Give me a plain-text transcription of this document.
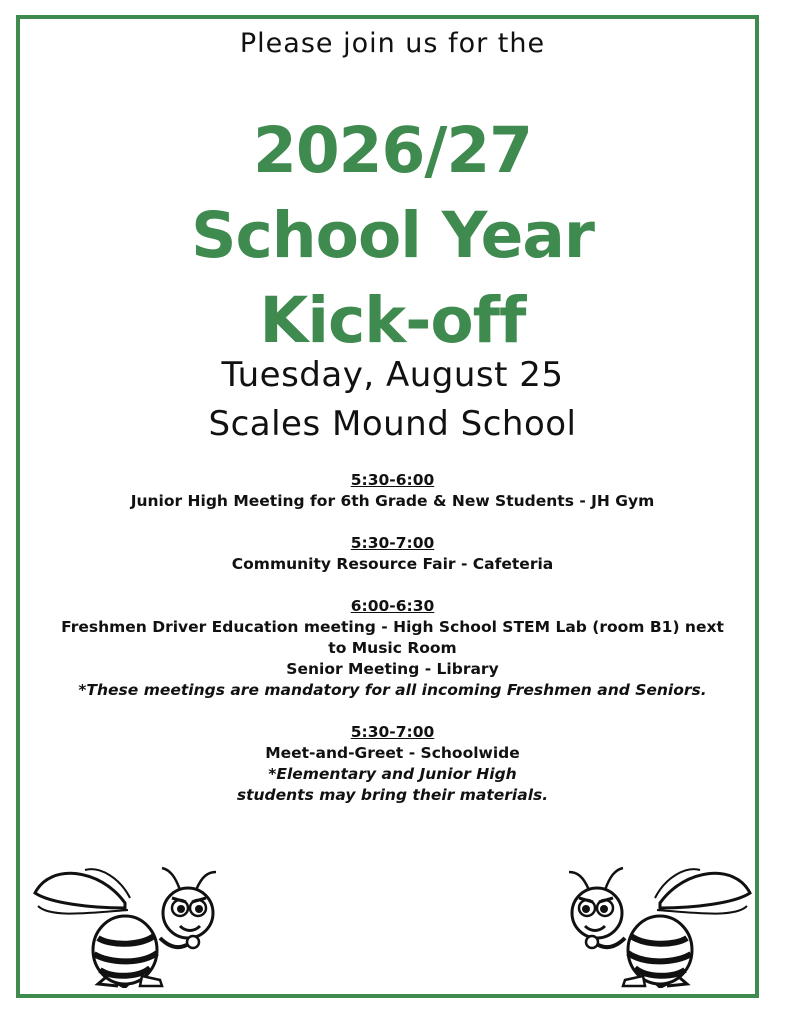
Please join us for the
2026/27
School Year
Kick-off
Tuesday, August 25
Scales Mound School
5:30-6:00
Junior High Meeting for 6th Grade & New Students - JH Gym
5:30-7:00
Community Resource Fair - Cafeteria
6:00-6:30
Freshmen Driver Education meeting - High School STEM Lab (room B1) next
to Music Room
Senior Meeting - Library
*These meetings are mandatory for all incoming Freshmen and Seniors.
5:30-7:00
Meet-and-Greet - Schoolwide
*Elementary and Junior High
students may bring their materials.
